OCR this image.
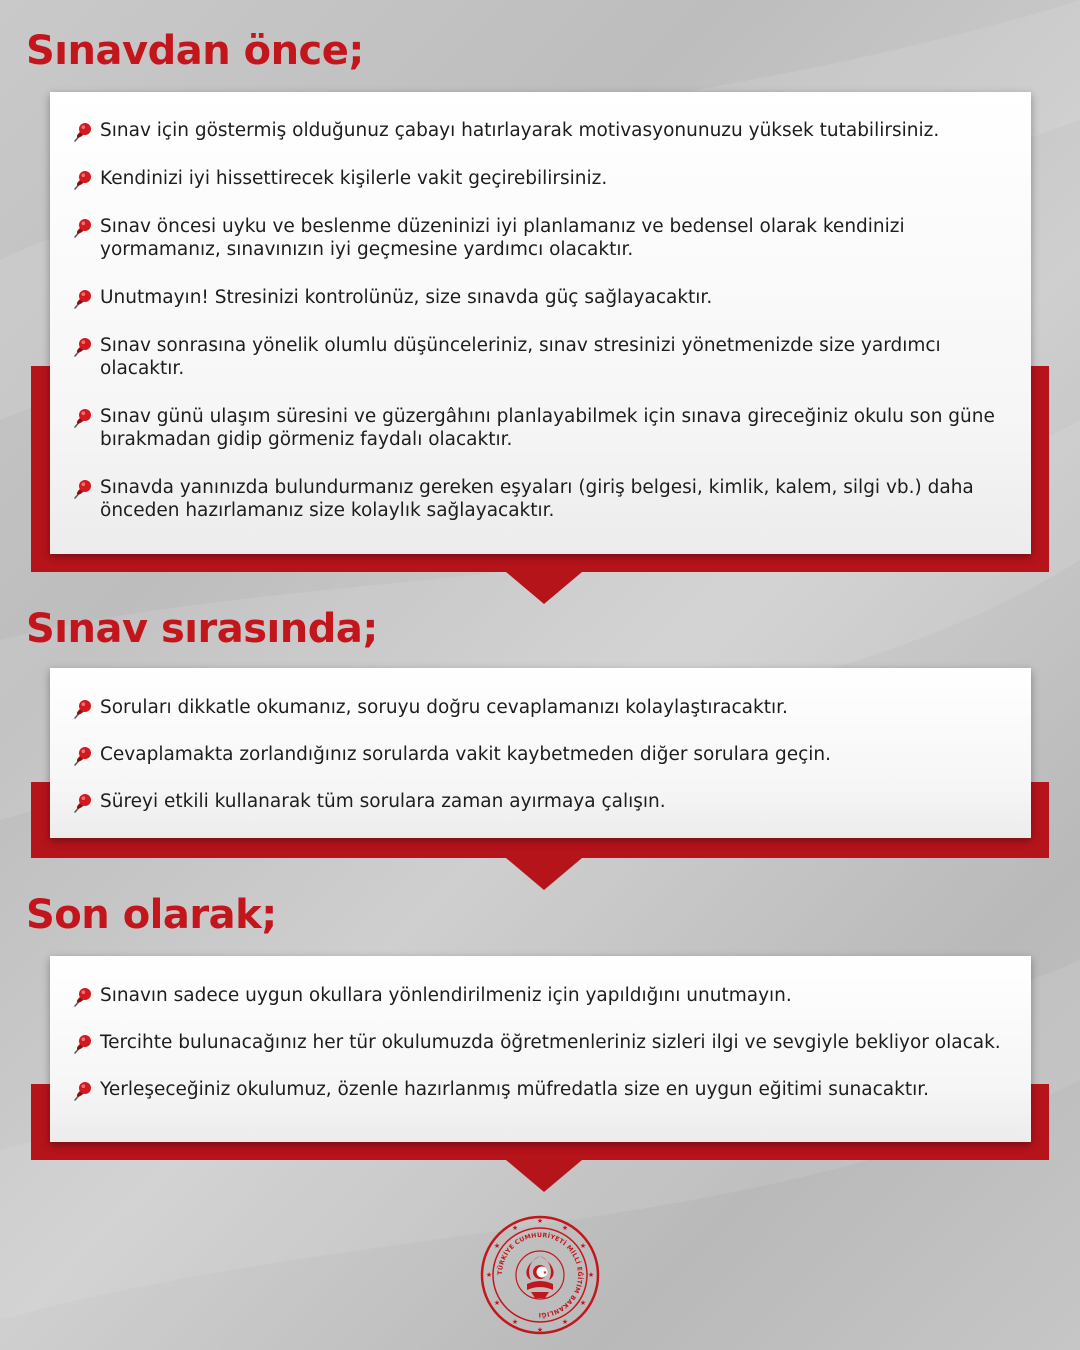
Sınavdan önce;
Sınav için göstermiş olduğunuz çabayı hatırlayarak motivasyonunuzu yüksek tutabilirsiniz.
Kendinizi iyi hissettirecek kişilerle vakit geçirebilirsiniz.
Sınav öncesi uyku ve beslenme düzeninizi iyi planlamanız ve bedensel olarak kendinizi yormamanız, sınavınızın iyi geçmesine yardımcı olacaktır.
Unutmayın! Stresinizi kontrolünüz, size sınavda güç sağlayacaktır.
Sınav sonrasına yönelik olumlu düşünceleriniz, sınav stresinizi yönetmenizde size yardımcı olacaktır.
Sınav günü ulaşım süresini ve güzergâhını planlayabilmek için sınava gireceğiniz okulu son güne bırakmadan gidip görmeniz faydalı olacaktır.
Sınavda yanınızda bulundurmanız gereken eşyaları (giriş belgesi, kimlik, kalem, silgi vb.) daha önceden hazırlamanız size kolaylık sağlayacaktır.
Sınav sırasında;
Soruları dikkatle okumanız, soruyu doğru cevaplamanızı kolaylaştıracaktır.
Cevaplamakta zorlandığınız sorularda vakit kaybetmeden diğer sorulara geçin.
Süreyi etkili kullanarak tüm sorulara zaman ayırmaya çalışın.
Son olarak;
Sınavın sadece uygun okullara yönlendirilmeniz için yapıldığını unutmayın.
Tercihte bulunacağınız her tür okulumuzda öğretmenleriniz sizleri ilgi ve sevgiyle bekliyor olacak.
Yerleşeceğiniz okulumuz, özenle hazırlanmış müfredatla size en uygun eğitimi sunacaktır.
TÜRKİYE CUMHURİYETİ MİLLİ EĞİTİM BAKANLIĞI
★
★
★
★
★
★
★
★
★
★
★
★
★
